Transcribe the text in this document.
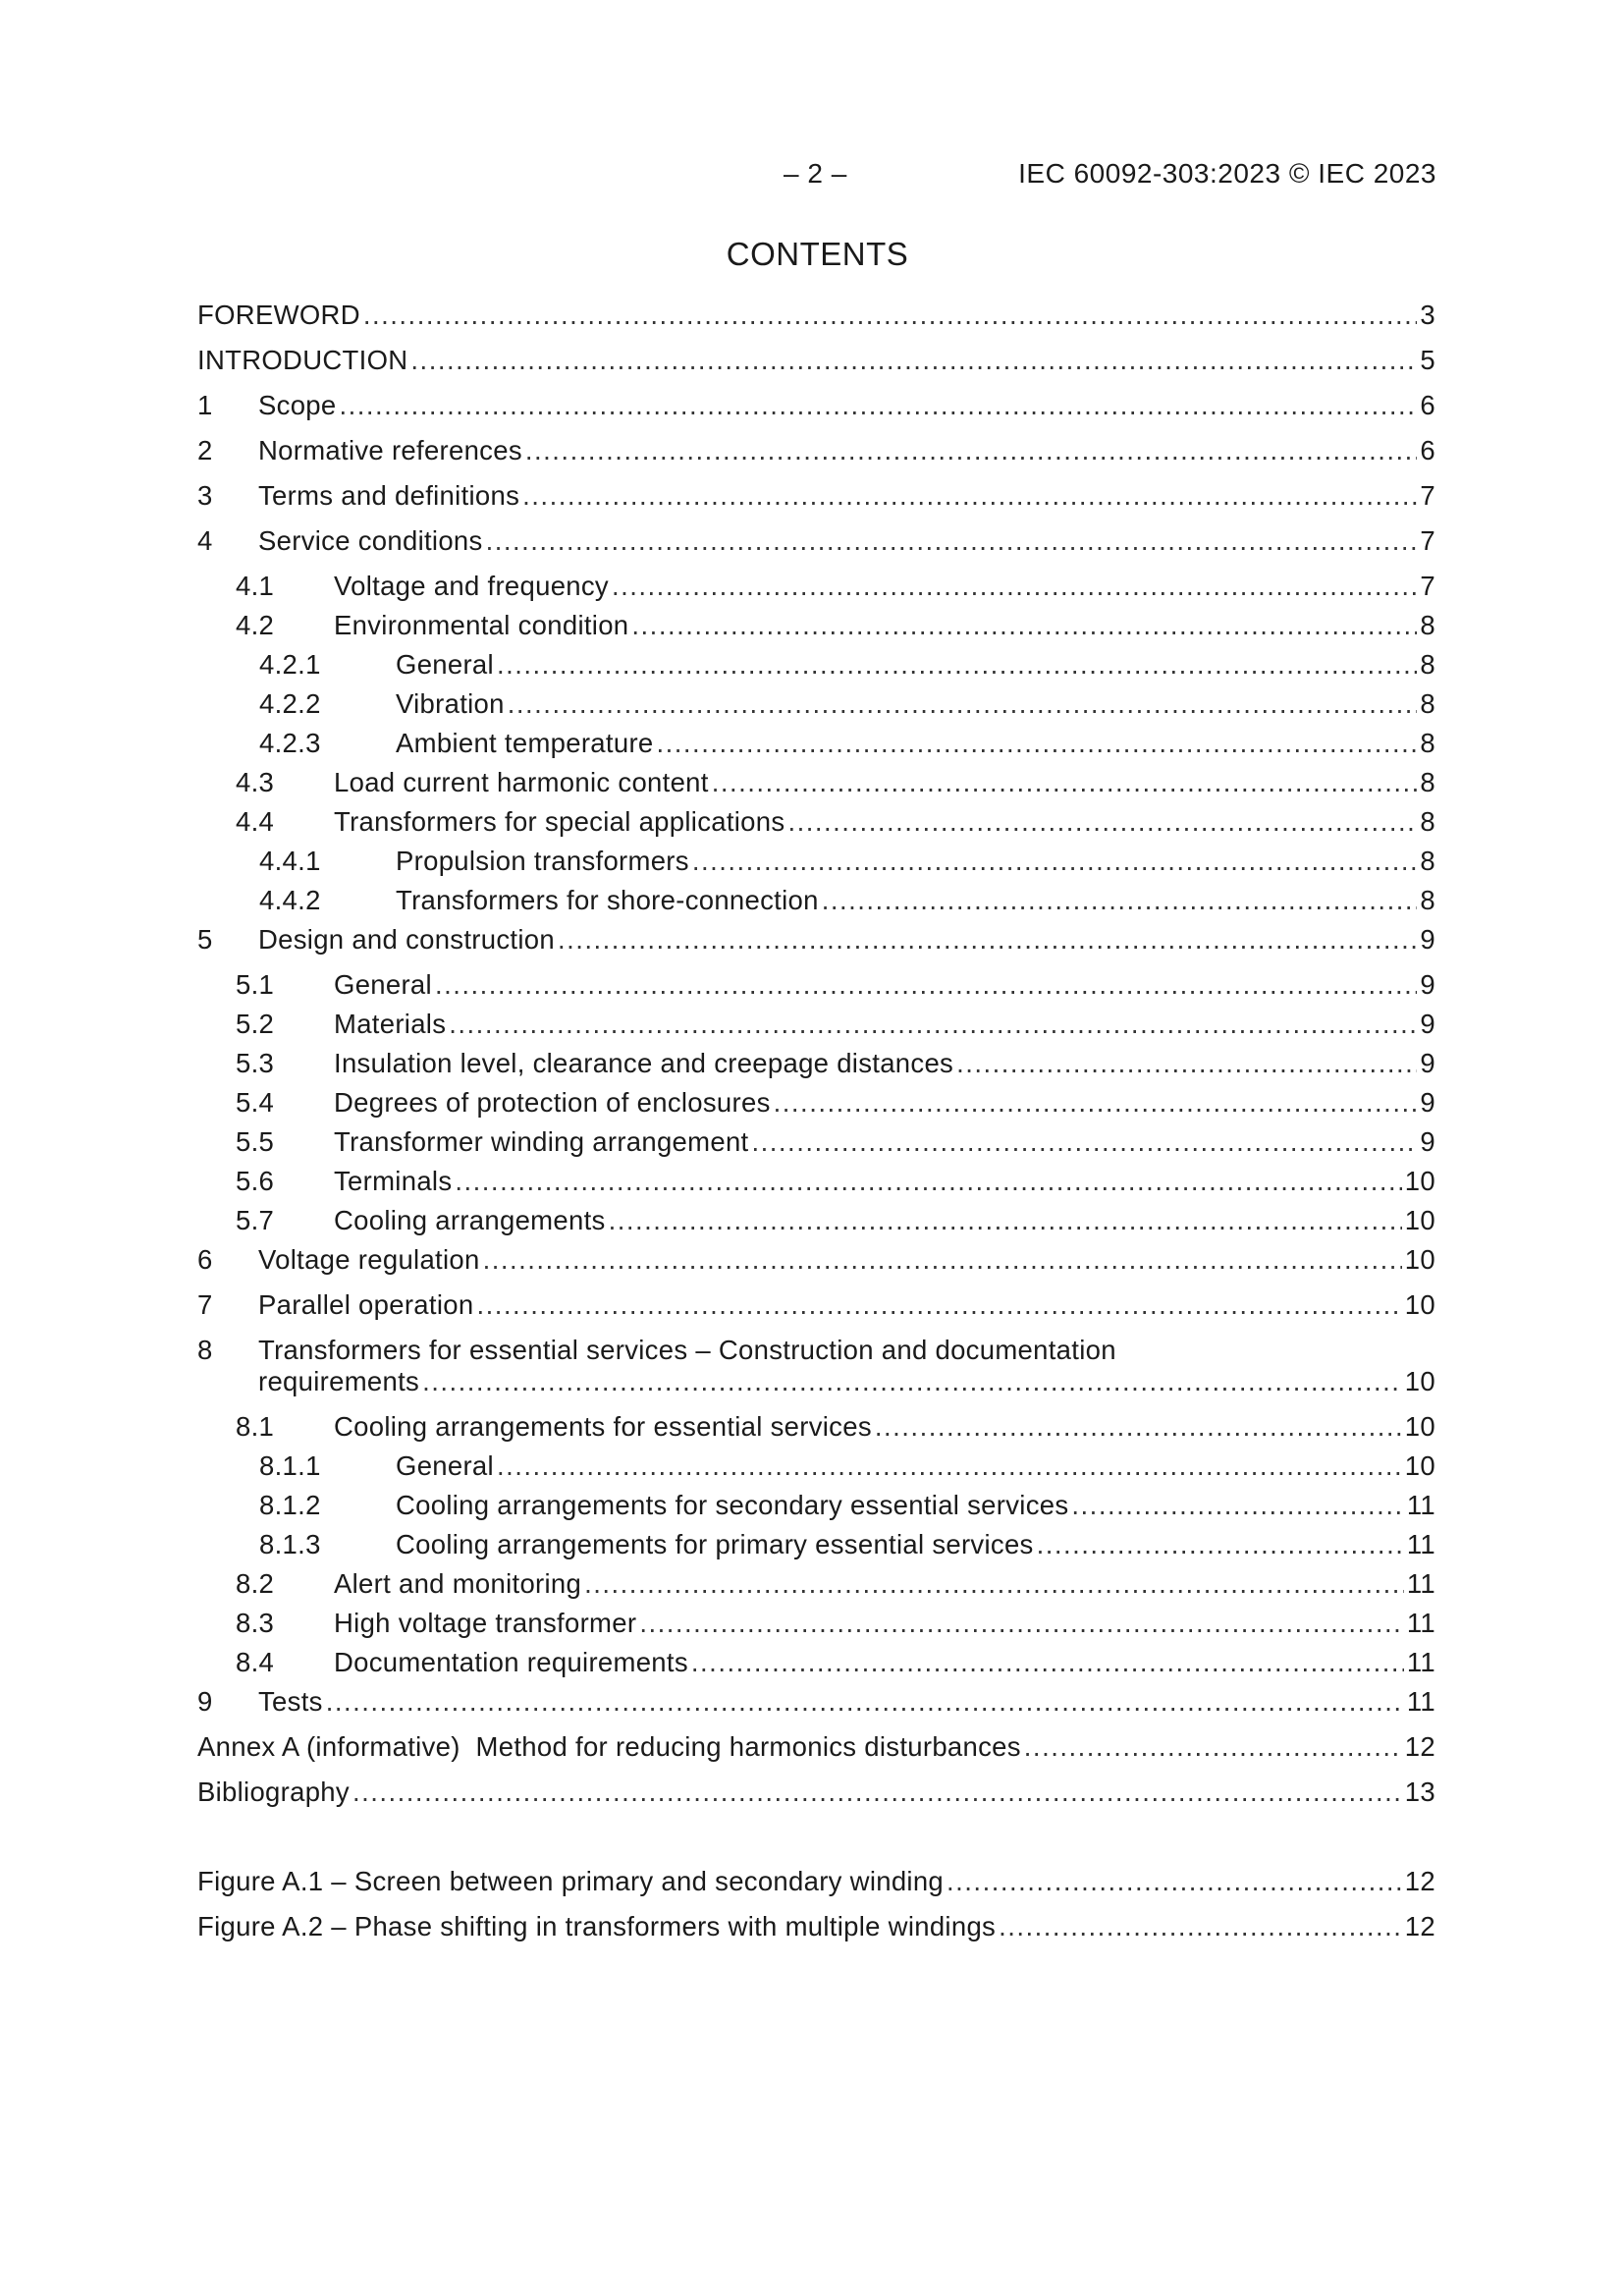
– 2 –	IEC 60092-303:2023 © IEC 2023
CONTENTS
FOREWORD .....	3
INTRODUCTION .....	5
1	Scope .....	6
2	Normative references .....	6
3	Terms and definitions .....	7
4	Service conditions .....	7
4.1	Voltage and frequency .....	7
4.2	Environmental condition .....	8
4.2.1	General .....	8
4.2.2	Vibration .....	8
4.2.3	Ambient temperature .....	8
4.3	Load current harmonic content .....	8
4.4	Transformers for special applications .....	8
4.4.1	Propulsion transformers .....	8
4.4.2	Transformers for shore-connection .....	8
5	Design and construction .....	9
5.1	General .....	9
5.2	Materials .....	9
5.3	Insulation level, clearance and creepage distances .....	9
5.4	Degrees of protection of enclosures .....	9
5.5	Transformer winding arrangement .....	9
5.6	Terminals .....	10
5.7	Cooling arrangements .....	10
6	Voltage regulation .....	10
7	Parallel operation .....	10
8	Transformers for essential services – Construction and documentation
requirements .....	10
8.1	Cooling arrangements for essential services .....	10
8.1.1	General .....	10
8.1.2	Cooling arrangements for secondary essential services .....	11
8.1.3	Cooling arrangements for primary essential services .....	11
8.2	Alert and monitoring .....	11
8.3	High voltage transformer .....	11
8.4	Documentation requirements .....	11
9	Tests .....	11
Annex A (informative)  Method for reducing harmonics disturbances .....	12
Bibliography .....	13
Figure A.1 – Screen between primary and secondary winding .....	12
Figure A.2 – Phase shifting in transformers with multiple windings .....	12
